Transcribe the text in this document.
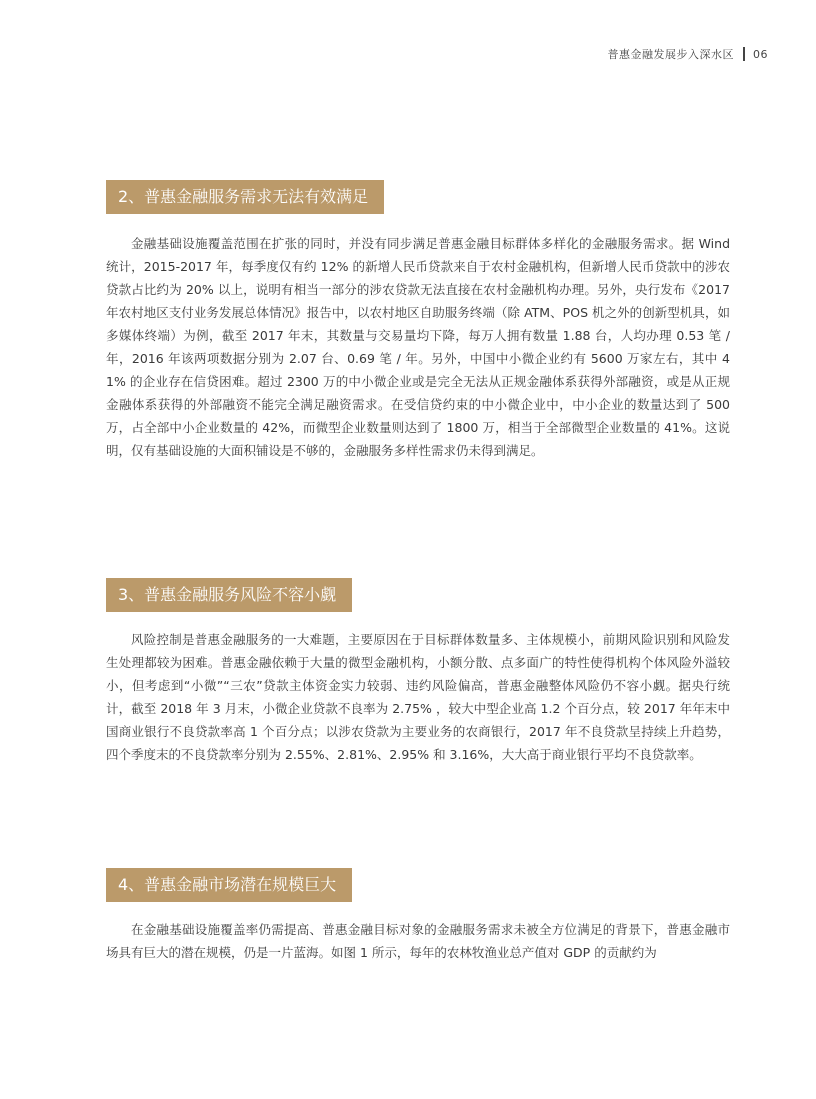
普惠金融发展步入深水区 06
2、普惠金融服务需求无法有效满足

金融基础设施覆盖范围在扩张的同时，并没有同步满足普惠金融目标群体多样化的金融服务需求。据 Wind 统计，2015-2017 年，每季度仅有约 12% 的新增人民币贷款来自于农村金融机构，但新增人民币贷款中的涉农贷款占比约为 20% 以上，说明有相当一部分的涉农贷款无法直接在农村金融机构办理。另外，央行发布《2017 年农村地区支付业务发展总体情况》报告中，以农村地区自助服务终端（除 ATM、POS 机之外的创新型机具，如多媒体终端）为例，截至 2017 年末，其数量与交易量均下降，每万人拥有数量 1.88 台，人均办理 0.53 笔 / 年，2016 年该两项数据分别为 2.07 台、0.69 笔 / 年。另外，中国中小微企业约有 5600 万家左右，其中 41% 的企业存在信贷困难。超过 2300 万的中小微企业或是完全无法从正规金融体系获得外部融资，或是从正规金融体系获得的外部融资不能完全满足融资需求。在受信贷约束的中小微企业中，中小企业的数量达到了 500 万，占全部中小企业数量的 42%，而微型企业数量则达到了 1800 万，相当于全部微型企业数量的 41%。这说明，仅有基础设施的大面积铺设是不够的，金融服务多样性需求仍未得到满足。

3、普惠金融服务风险不容小觑

风险控制是普惠金融服务的一大难题，主要原因在于目标群体数量多、主体规模小，前期风险识别和风险发生处理都较为困难。普惠金融依赖于大量的微型金融机构，小额分散、点多面广的特性使得机构个体风险外溢较小，但考虑到“小微”“三农”贷款主体资金实力较弱、违约风险偏高，普惠金融整体风险仍不容小觑。据央行统计，截至 2018 年 3 月末，小微企业贷款不良率为 2.75% ，较大中型企业高 1.2 个百分点，较 2017 年年末中国商业银行不良贷款率高 1 个百分点；以涉农贷款为主要业务的农商银行，2017 年不良贷款呈持续上升趋势，四个季度末的不良贷款率分别为 2.55%、2.81%、2.95% 和 3.16%，大大高于商业银行平均不良贷款率。

4、普惠金融市场潜在规模巨大

在金融基础设施覆盖率仍需提高、普惠金融目标对象的金融服务需求未被全方位满足的背景下，普惠金融市场具有巨大的潜在规模，仍是一片蓝海。如图 1 所示，每年的农林牧渔业总产值对 GDP 的贡献约为
